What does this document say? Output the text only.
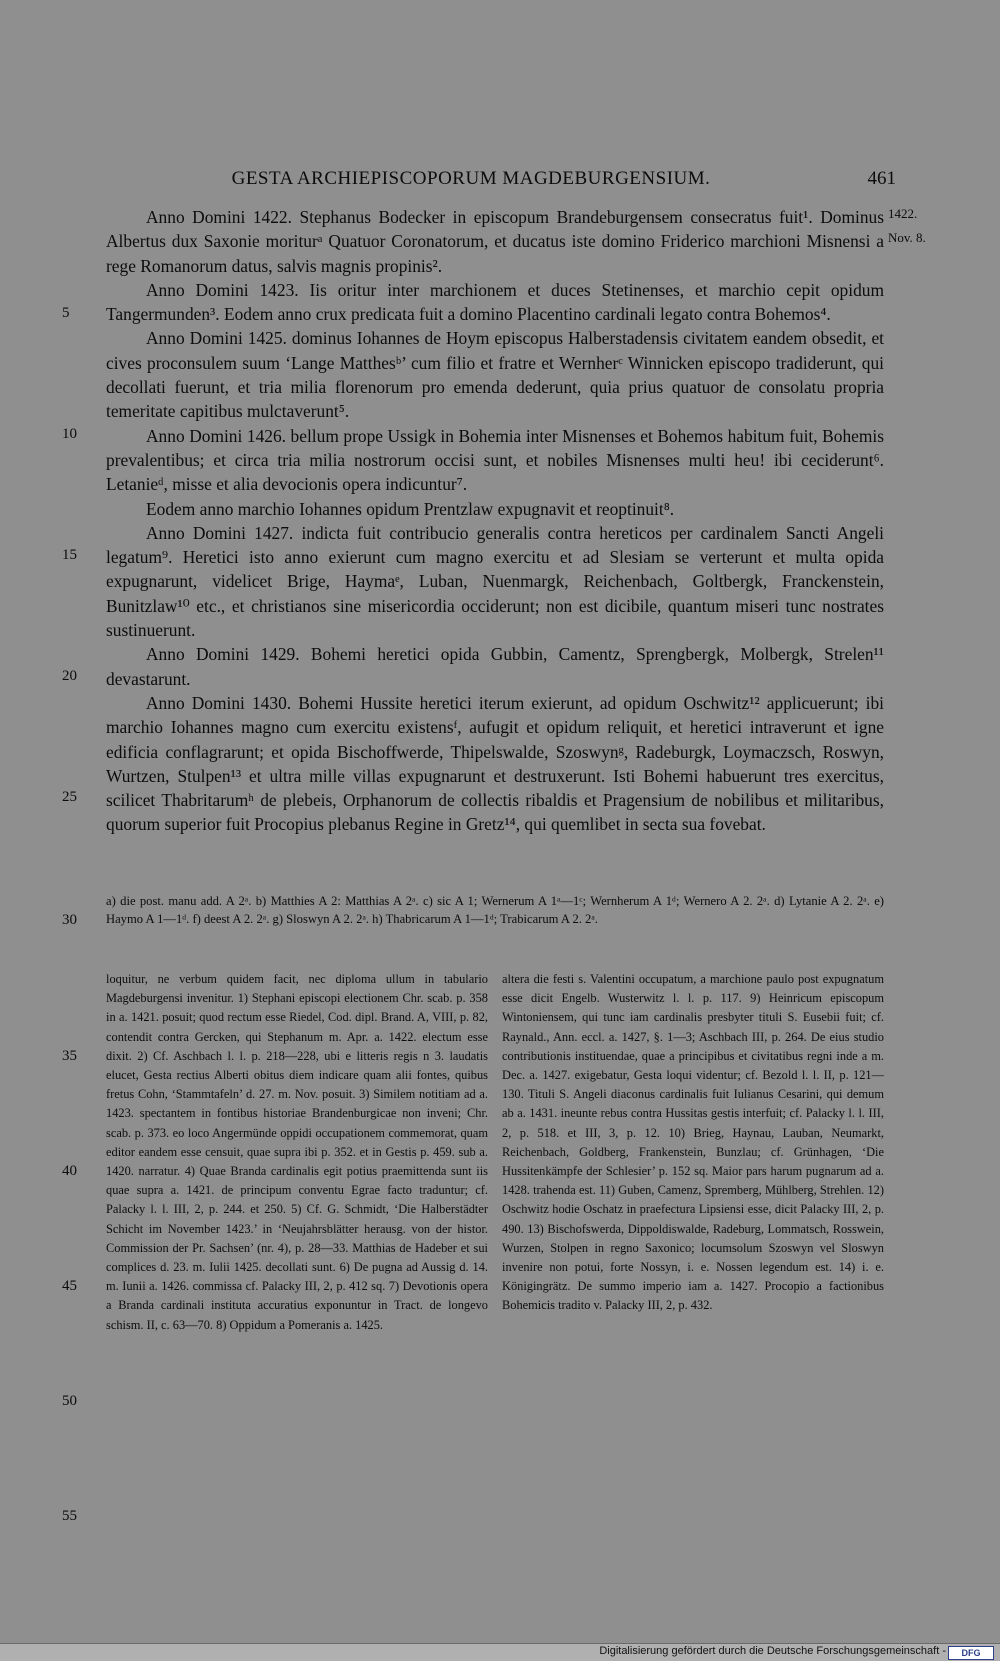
GESTA ARCHIEPISCOPORUM MAGDEBURGENSIUM.	461

Anno Domini 1422. Stephanus Bodecker in episcopum Brandeburgensem consecratus fuit¹. Dominus Albertus dux Saxonie moriturᵃ Quatuor Coronatorum, et ducatus iste domino Friderico marchioni Misnensi a rege Romanorum datus, salvis magnis propinis².

Anno Domini 1423. Iis oritur inter marchionem et duces Stetinenses, et marchio cepit opidum Tangermunden³. Eodem anno crux predicata fuit a domino Placentino cardinali legato contra Bohemos⁴.

Anno Domini 1425. dominus Iohannes de Hoym episcopus Halberstadensis civitatem eandem obsedit, et cives proconsulem suum ‘Lange Matthesᵇ’ cum filio et fratre et Wernherᶜ Winnicken episcopo tradiderunt, qui decollati fuerunt, et tria milia florenorum pro emenda dederunt, quia prius quatuor de consolatu propria temeritate capitibus mulctaverunt⁵.

Anno Domini 1426. bellum prope Ussigk in Bohemia inter Misnenses et Bohemos habitum fuit, Bohemis prevalentibus; et circa tria milia nostrorum occisi sunt, et nobiles Misnenses multi heu! ibi ceciderunt⁶. Letanieᵈ, misse et alia devocionis opera indicuntur⁷.

Eodem anno marchio Iohannes opidum Prentzlaw expugnavit et reoptinuit⁸.

Anno Domini 1427. indicta fuit contribucio generalis contra hereticos per cardinalem Sancti Angeli legatum⁹. Heretici isto anno exierunt cum magno exercitu et ad Slesiam se verterunt et multa opida expugnarunt, videlicet Brige, Haymaᵉ, Luban, Nuenmargk, Reichenbach, Goltbergk, Franckenstein, Bunitzlaw¹⁰ etc., et christianos sine misericordia occiderunt; non est dicibile, quantum miseri tunc nostrates sustinuerunt.

Anno Domini 1429. Bohemi heretici opida Gubbin, Camentz, Sprengbergk, Molbergk, Strelen¹¹ devastarunt.

Anno Domini 1430. Bohemi Hussite heretici iterum exierunt, ad opidum Oschwitz¹² applicuerunt; ibi marchio Iohannes magno cum exercitu existensᶠ, aufugit et opidum reliquit, et heretici intraverunt et igne edificia conflagrarunt; et opida Bischoffwerde, Thipelswalde, Szoswynᵍ, Radeburgk, Loymaczsch, Roswyn, Wurtzen, Stulpen¹³ et ultra mille villas expugnarunt et destruxerunt. Isti Bohemi habuerunt tres exercitus, scilicet Thabritarumʰ de plebeis, Orphanorum de collectis ribaldis et Pragensium de nobilibus et militaribus, quorum superior fuit Procopius plebanus Regine in Gretz¹⁴, qui quemlibet in secta sua fovebat.

1422.
Nov. 8.
5
10
15
20
25
30
35
40
45
50
55
a) die post. manu add. A 2ᵃ. b) Matthies A 2: Matthias A 2ᵃ. c) sic A 1; Wernerum A 1ᵃ—1ᶜ; Wernherum A 1ᵈ; Wernero A 2. 2ᵃ. d) Lytanie A 2. 2ᵃ. e) Haymo A 1—1ᵈ. f) deest A 2. 2ᵃ. g) Sloswyn A 2. 2ᵃ. h) Thabricarum A 1—1ᵈ; Trabicarum A 2. 2ᵃ.
loquitur, ne verbum quidem facit, nec diploma ullum in tabulario Magdeburgensi invenitur. 1) Stephani episcopi electionem Chr. scab. p. 358 in a. 1421. posuit; quod rectum esse Riedel, Cod. dipl. Brand. A, VIII, p. 82, contendit contra Gercken, qui Stephanum m. Apr. a. 1422. electum esse dixit. 2) Cf. Aschbach l. l. p. 218—228, ubi e litteris regis n 3. laudatis elucet, Gesta rectius Alberti obitus diem indicare quam alii fontes, quibus fretus Cohn, ‘Stammtafeln’ d. 27. m. Nov. posuit. 3) Similem notitiam ad a. 1423. spectantem in fontibus historiae Brandenburgicae non inveni; Chr. scab. p. 373. eo loco Angermünde oppidi occupationem commemorat, quam editor eandem esse censuit, quae supra ibi p. 352. et in Gestis p. 459. sub a. 1420. narratur. 4) Quae Branda cardinalis egit potius praemittenda sunt iis quae supra a. 1421. de principum conventu Egrae facto traduntur; cf. Palacky l. l. III, 2, p. 244. et 250. 5) Cf. G. Schmidt, ‘Die Halberstädter Schicht im November 1423.’ in ‘Neujahrsblätter herausg. von der histor. Commission der Pr. Sachsen’ (nr. 4), p. 28—33. Matthias de Hadeber et sui complices d. 23. m. Iulii 1425. decollati sunt. 6) De pugna ad Aussig d. 14. m. Iunii a. 1426. commissa cf. Palacky III, 2, p. 412 sq. 7) Devotionis opera a Branda cardinali instituta accuratius exponuntur in Tract. de longevo schism. II, c. 63—70. 8) Oppidum a Pomeranis a. 1425.
altera die festi s. Valentini occupatum, a marchione paulo post expugnatum esse dicit Engelb. Wusterwitz l. l. p. 117. 9) Heinricum episcopum Wintoniensem, qui tunc iam cardinalis presbyter tituli S. Eusebii fuit; cf. Raynald., Ann. eccl. a. 1427, §. 1—3; Aschbach III, p. 264. De eius studio contributionis instituendae, quae a principibus et civitatibus regni inde a m. Dec. a. 1427. exigebatur, Gesta loqui videntur; cf. Bezold l. l. II, p. 121—130. Tituli S. Angeli diaconus cardinalis fuit Iulianus Cesarini, qui demum ab a. 1431. ineunte rebus contra Hussitas gestis interfuit; cf. Palacky l. l. III, 2, p. 518. et III, 3, p. 12. 10) Brieg, Haynau, Lauban, Neumarkt, Reichenbach, Goldberg, Frankenstein, Bunzlau; cf. Grünhagen, ‘Die Hussitenkämpfe der Schlesier’ p. 152 sq. Maior pars harum pugnarum ad a. 1428. trahenda est. 11) Guben, Camenz, Spremberg, Mühlberg, Strehlen. 12) Oschwitz hodie Oschatz in praefectura Lipsiensi esse, dicit Palacky III, 2, p. 490. 13) Bischofswerda, Dippoldiswalde, Radeburg, Lommatsch, Rosswein, Wurzen, Stolpen in regno Saxonico; locumsolum Szoswyn vel Sloswyn invenire non potui, forte Nossyn, i. e. Nossen legendum est. 14) i. e. Königingrätz. De summo imperio iam a. 1427. Procopio a factionibus Bohemicis tradito v. Palacky III, 2, p. 432.
Digitalisierung gefördert durch die Deutsche Forschungsgemeinschaft -	DFG
